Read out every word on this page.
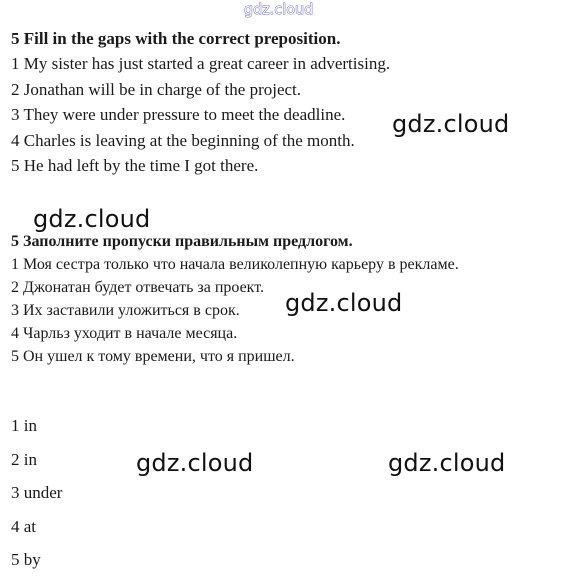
gdz.cloud
5 Fill in the gaps with the correct preposition.
1 My sister has just started a great career in advertising.
2 Jonathan will be in charge of the project.
3 They were under pressure to meet the deadline.
4 Charles is leaving at the beginning of the month.
5 He had left by the time I got there.
5 Заполните пропуски правильным предлогом.
1 Моя сестра только что начала великолепную карьеру в рекламе.
2 Джонатан будет отвечать за проект.
3 Их заставили уложиться в срок.
4 Чарльз уходит в начале месяца.
5 Он ушел к тому времени, что я пришел.
1 in
2 in
3 under
4 at
5 by
gdz.cloud
gdz.cloud
gdz.cloud
gdz.cloud	gdz.cloud
